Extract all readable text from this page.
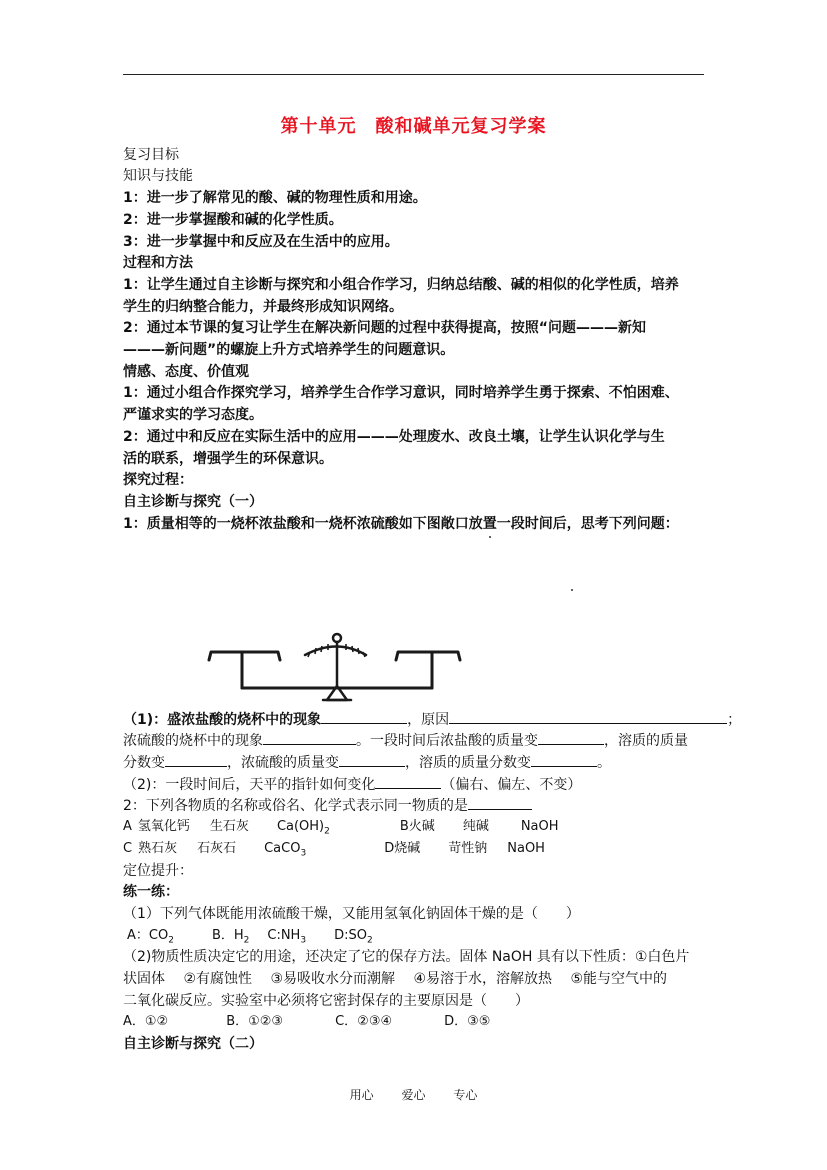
第十单元　酸和碱单元复习学案
复习目标
知识与技能
1：进一步了解常见的酸、碱的物理性质和用途。
2：进一步掌握酸和碱的化学性质。
3：进一步掌握中和反应及在生活中的应用。
过程和方法
1：让学生通过自主诊断与探究和小组合作学习，归纳总结酸、碱的相似的化学性质，培养
学生的归纳整合能力，并最终形成知识网络。
2：通过本节课的复习让学生在解决新问题的过程中获得提高，按照“问题———新知
———新问题”的螺旋上升方式培养学生的问题意识。
情感、态度、价值观
1：通过小组合作探究学习，培养学生合作学习意识，同时培养学生勇于探索、不怕困难、
严谨求实的学习态度。
2：通过中和反应在实际生活中的应用———处理废水、改良土壤，让学生认识化学与生
活的联系，增强学生的环保意识。
探究过程：
自主诊断与探究（一）
1：质量相等的一烧杯浓盐酸和一烧杯浓硫酸如下图敞口放置一段时间后，思考下列问题：
（1)：盛浓盐酸的烧杯中的现象	，原因	；
浓硫酸的烧杯中的现象	。一段时间后浓盐酸的质量变	，溶质的质量
分数变	，浓硫酸的质量变	，溶质的质量分数变	。
（2)：一段时间后，天平的指针如何变化	（偏右、偏左、不变）
2：下列各物质的名称或俗名、化学式表示同一物质的是
A 氢氧化钙 生石灰 $Ca(OH)_2$	B火碱 纯碱 NaOH
C 熟石灰 石灰石 CaCO$_3$	D烧碱 苛性钠 NaOH
定位提升：
练一练：
（1）下列气体既能用浓硫酸干燥，又能用氢氧化钠固体干燥的是（　　）
A：$CO_2$	B．$H_2$ $C:NH_3$ $D:SO_2$
（2)物质性质决定它的用途，还决定了它的保存方法。固体 NaOH 具有以下性质：①白色片
状固体　 ②有腐蚀性　 ③易吸收水分而潮解　 ④易溶于水，溶解放热　 ⑤能与空气中的
二氧化碳反应。实验室中必须将它密封保存的主要原因是（　　）
A．①②	B．①②③	C．②③④	D．③⑤
自主诊断与探究（二）
用心 爱心 专心
